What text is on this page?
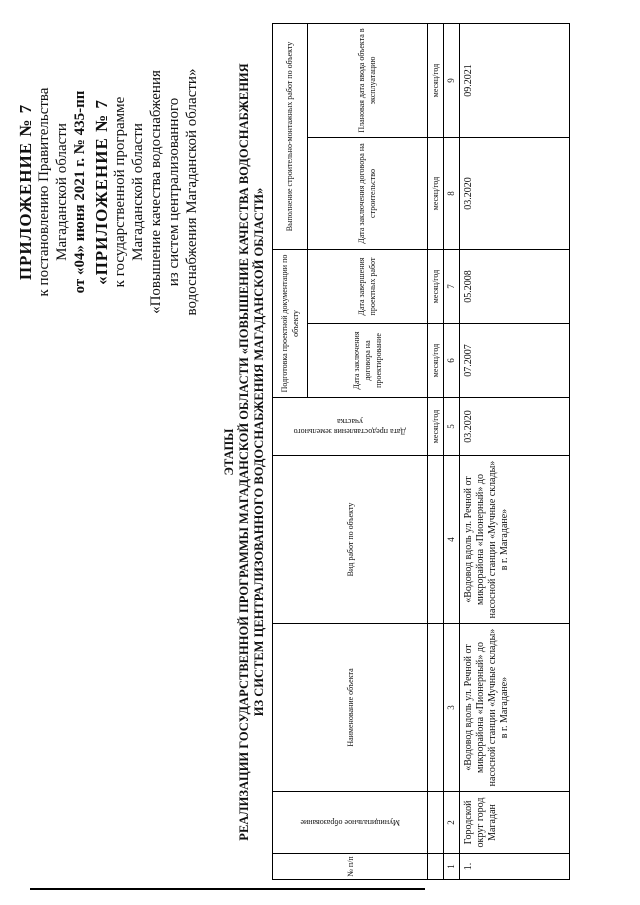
ПРИЛОЖЕНИЕ № 7 к постановлению Правительства Магаданской области от «04» июня 2021 г. № 435-пп «ПРИЛОЖЕНИЕ № 7 к государственной программе Магаданской области «Повышение качества водоснабжения из систем централизованного водоснабжения Магаданской области»

ЭТАПЫ РЕАЛИЗАЦИИ ГОСУДАРСТВЕННОЙ ПРОГРАММЫ МАГАДАНСКОЙ ОБЛАСТИ «ПОВЫШЕНИЕ КАЧЕСТВА ВОДОСНАБЖЕНИЯ ИЗ СИСТЕМ ЦЕНТРАЛИЗОВАННОГО ВОДОСНАБЖЕНИЯ МАГАДАНСКОЙ ОБЛАСТИ»
№ п/п	Муниципальное образование	Наименование объекта	Вид работ по объекту	Дата предоставления земельного участка	Подготовка проектной документации по объекту		Выполнение строительно-монтажных работ по объекту	
					Дата заключения договора на проектирование	Дата завершения проектных работ	Дата заключения договора на строительство	Плановая дата ввода объекта в эксплуатацию
				месяц/год	месяц/год	месяц/год	месяц/год	месяц/год
1	2	3	4	5	6	7	8	9
1.	Городской округ город Магадан	«Водовод вдоль ул. Речной от микрорайона «Пионерный» до насосной станции «Мучные склады» в г. Магадане»	«Водовод вдоль ул. Речной от микрорайона «Пионерный» до насосной станции «Мучные склады» в г. Магадане»	03.2020	07.2007	05.2008	03.2020	09.2021
